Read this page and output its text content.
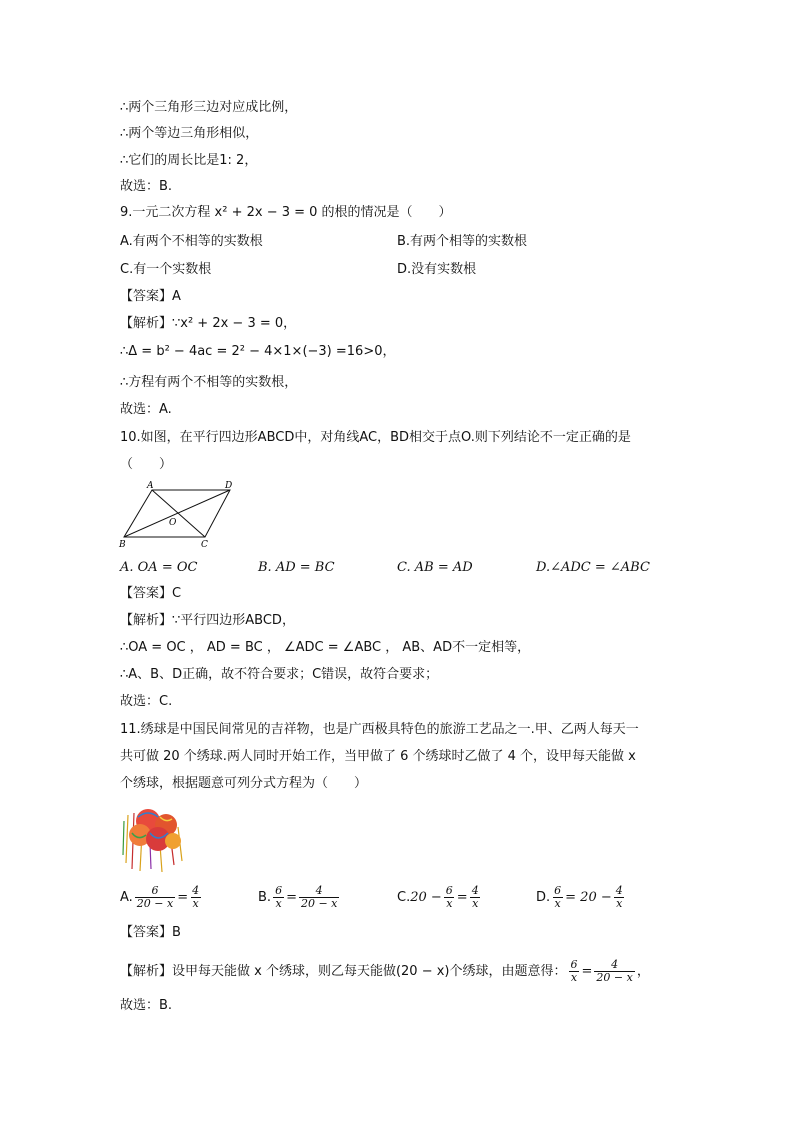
∴两个三角形三边对应成比例，
∴两个等边三角形相似，
∴它们的周长比是1: 2，
故选：B.
9.一元二次方程 x² + 2x − 3 = 0 的根的情况是（　　）
A.有两个不相等的实数根	B.有两个相等的实数根
C.有一个实数根	D.没有实数根
【答案】A
【解析】∵x² + 2x − 3 = 0，
∴Δ = b² − 4ac = 2² − 4×1×(−3) =16>0，
∴方程有两个不相等的实数根，
故选：A.
10.如图，在平行四边形ABCD中，对角线AC，BD相交于点O.则下列结论不一定正确的是
（　　）
A	D
B	C
O
A. OA = OC	B. AD = BC	C. AB = AD	D.∠ADC = ∠ABC
【答案】C
【解析】∵平行四边形ABCD，
∴OA = OC ， AD = BC ， ∠ADC = ∠ABC ， AB、AD不一定相等，
∴A、B、D正确，故不符合要求；C错误，故符合要求；
故选：C.
11.绣球是中国民间常见的吉祥物，也是广西极具特色的旅游工艺品之一.甲、乙两人每天一
共可做 20 个绣球.两人同时开始工作，当甲做了 6 个绣球时乙做了 4 个，设甲每天能做 x
个绣球，根据题意可列分式方程为（　　）
A. $\frac{6}{20 - x} = \frac{4}{x}$	B. $\frac{6}{x} = \frac{4}{20 - x}$	$C.20 - \frac{6}{x} = \frac{4}{x}$	D. $\frac{6}{x} = 20 - \frac{4}{x}$
【答案】B
【解析】设甲每天能做 x 个绣球，则乙每天能做(20 − x)个绣球，由题意得： $\frac{6}{x} = \frac{4}{20 - x}$ ，
故选：B.
